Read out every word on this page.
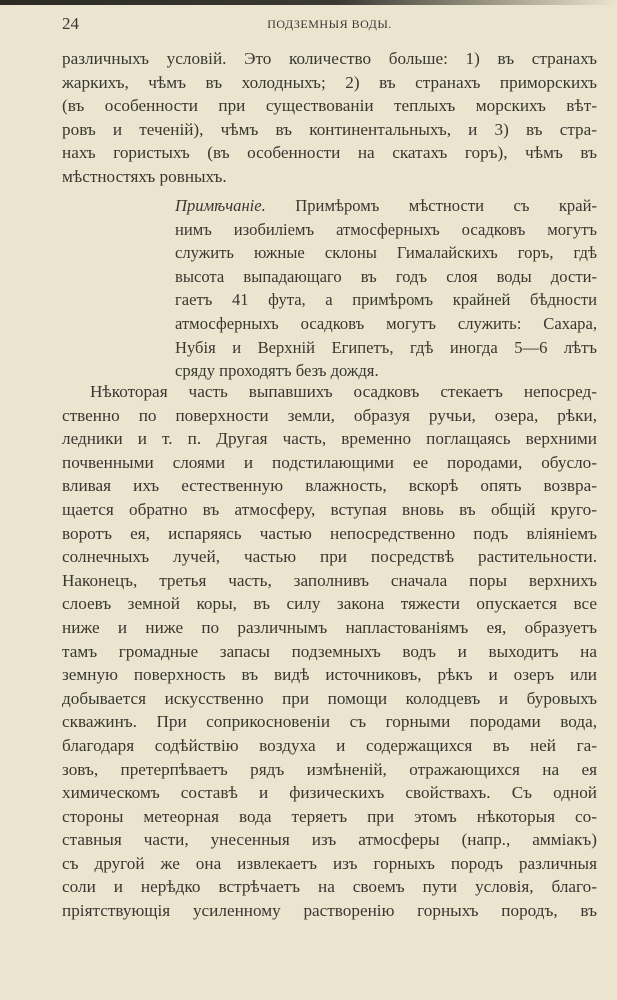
24	ПОДЗЕМНЫЯ ВОДЫ.
различныхъ условій. Это количество больше: 1) въ странахъ
жаркихъ, чѣмъ въ холодныхъ; 2) въ странахъ приморскихъ
(въ особенности при существованіи теплыхъ морскихъ вѣт-
ровъ и теченій), чѣмъ въ континентальныхъ, и 3) въ стра-
нахъ гористыхъ (въ особенности на скатахъ горъ), чѣмъ въ
мѣстностяхъ ровныхъ.
Примѣчаніе. Примѣромъ мѣстности съ край-
нимъ изобиліемъ атмосферныхъ осадковъ могутъ
служить южные склоны Гималайскихъ горъ, гдѣ
высота выпадающаго въ годъ слоя воды дости-
гаетъ 41 фута, а примѣромъ крайней бѣдности
атмосферныхъ осадковъ могутъ служить: Сахара,
Нубія и Верхній Египетъ, гдѣ иногда 5—6 лѣтъ
сряду проходятъ безъ дождя.
Нѣкоторая часть выпавшихъ осадковъ стекаетъ непосред-
ственно по поверхности земли, образуя ручьи, озера, рѣки,
ледники и т. п. Другая часть, временно поглащаясь верхними
почвенными слоями и подстилающими ее породами, обусло-
вливая ихъ естественную влажность, вскорѣ опять возвра-
щается обратно въ атмосферу, вступая вновь въ общій круго-
воротъ ея, испаряясь частью непосредственно подъ вліяніемъ
солнечныхъ лучей, частью при посредствѣ растительности.
Наконецъ, третья часть, заполнивъ сначала поры верхнихъ
слоевъ земной коры, въ силу закона тяжести опускается все
ниже и ниже по различнымъ напластованіямъ ея, образуетъ
тамъ громадные запасы подземныхъ водъ и выходитъ на
земную поверхность въ видѣ источниковъ, рѣкъ и озеръ или
добывается искусственно при помощи колодцевъ и буровыхъ
скважинъ. При соприкосновеніи съ горными породами вода,
благодаря содѣйствію воздуха и содержащихся въ ней га-
зовъ, претерпѣваетъ рядъ измѣненій, отражающихся на ея
химическомъ составѣ и физическихъ свойствахъ. Съ одной
стороны метеорная вода теряетъ при этомъ нѣкоторыя со-
ставныя части, унесенныя изъ атмосферы (напр., амміакъ)
съ другой же она извлекаетъ изъ горныхъ породъ различныя
соли и нерѣдко встрѣчаетъ на своемъ пути условія, благо-
пріятствующія усиленному раствоpенію горныхъ породъ, въ
